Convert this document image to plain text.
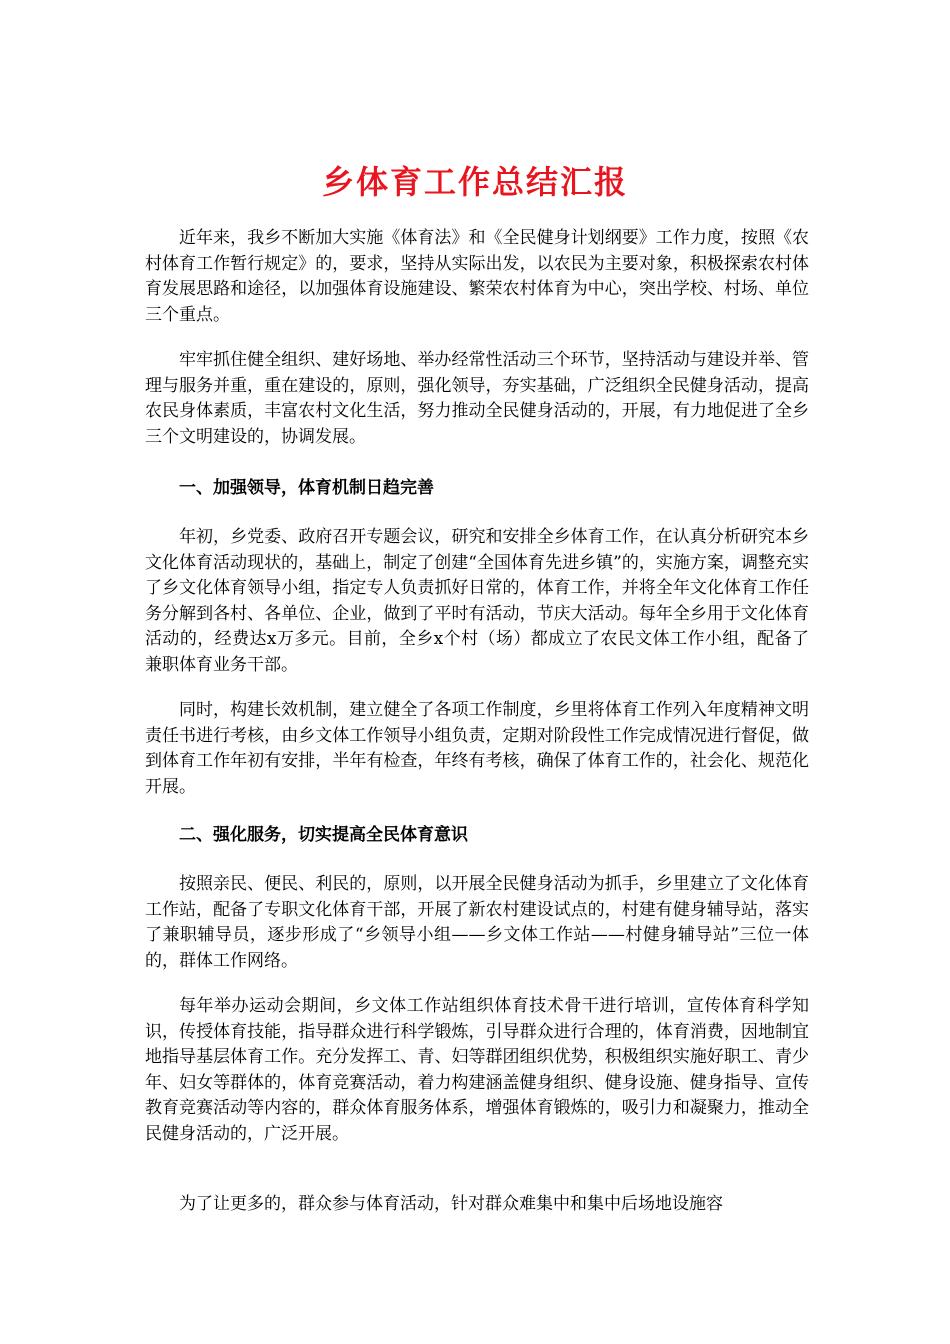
乡体育工作总结汇报

近年来，我乡不断加大实施《体育法》和《全民健身计划纲要》工作力度，按照《农村体育工作暂行规定》的，要求，坚持从实际出发，以农民为主要对象，积极探索农村体育发展思路和途径，以加强体育设施建设、繁荣农村体育为中心，突出学校、村场、单位三个重点。

牢牢抓住健全组织、建好场地、举办经常性活动三个环节，坚持活动与建设并举、管理与服务并重，重在建设的，原则，强化领导，夯实基础，广泛组织全民健身活动，提高农民身体素质，丰富农村文化生活，努力推动全民健身活动的，开展，有力地促进了全乡三个文明建设的，协调发展。

一、加强领导，体育机制日趋完善

年初，乡党委、政府召开专题会议，研究和安排全乡体育工作，在认真分析研究本乡文化体育活动现状的，基础上，制定了创建“全国体育先进乡镇”的，实施方案，调整充实了乡文化体育领导小组，指定专人负责抓好日常的，体育工作，并将全年文化体育工作任务分解到各村、各单位、企业，做到了平时有活动，节庆大活动。每年全乡用于文化体育活动的，经费达x万多元。目前，全乡x个村（场）都成立了农民文体工作小组，配备了兼职体育业务干部。

同时，构建长效机制，建立健全了各项工作制度，乡里将体育工作列入年度精神文明责任书进行考核，由乡文体工作领导小组负责，定期对阶段性工作完成情况进行督促，做到体育工作年初有安排，半年有检查，年终有考核，确保了体育工作的，社会化、规范化开展。

二、强化服务，切实提高全民体育意识

按照亲民、便民、利民的，原则，以开展全民健身活动为抓手，乡里建立了文化体育工作站，配备了专职文化体育干部，开展了新农村建设试点的，村建有健身辅导站，落实了兼职辅导员，逐步形成了“乡领导小组——乡文体工作站——村健身辅导站”三位一体的，群体工作网络。

每年举办运动会期间，乡文体工作站组织体育技术骨干进行培训，宣传体育科学知识，传授体育技能，指导群众进行科学锻炼，引导群众进行合理的，体育消费，因地制宜地指导基层体育工作。充分发挥工、青、妇等群团组织优势，积极组织实施好职工、青少年、妇女等群体的，体育竞赛活动，着力构建涵盖健身组织、健身设施、健身指导、宣传教育竞赛活动等内容的，群众体育服务体系，增强体育锻炼的，吸引力和凝聚力，推动全民健身活动的，广泛开展。

为了让更多的，群众参与体育活动，针对群众难集中和集中后场地设施容
